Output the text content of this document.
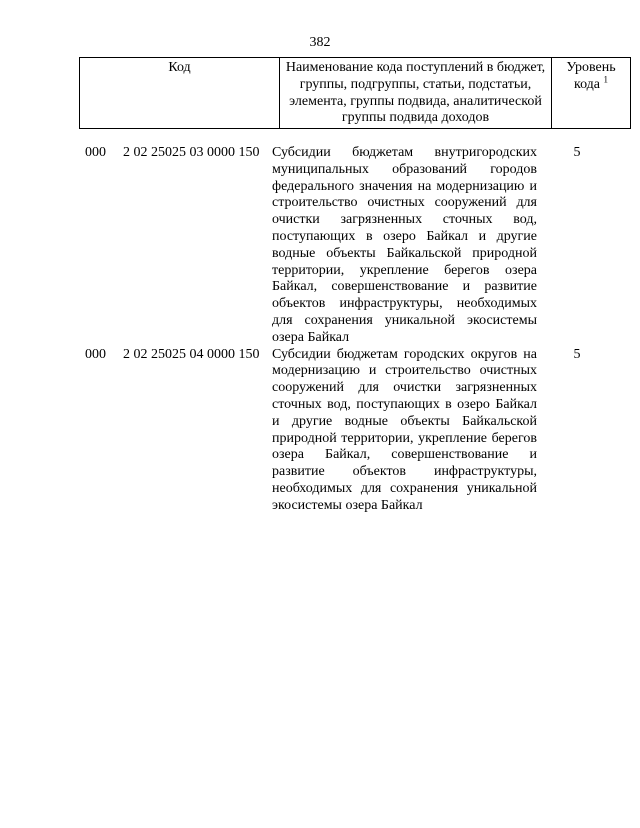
382
Код	Наименование кода поступлений в бюджет, группы, подгруппы, статьи, подстатьи, элемента, группы подвида, аналитической группы подвида доходов	Уровень кода $^1$
000 2 02 25025 03 0000 150	Субсидии бюджетам внутригородских муниципальных образований городов федерального значения на модернизацию и строительство очистных сооружений для очистки загрязненных сточных вод, поступающих в озеро Байкал и другие водные объекты Байкальской природной территории, укрепление берегов озера Байкал, совершенствование и развитие объектов инфраструктуры, необходимых для сохранения уникальной экосистемы озера Байкал	5

000 2 02 25025 04 0000 150	Субсидии бюджетам городских округов на модернизацию и строительство очистных сооружений для очистки загрязненных сточных вод, поступающих в озеро Байкал и другие водные объекты Байкальской природной территории, укрепление берегов озера Байкал, совершенствование и развитие объектов инфраструктуры, необходимых для сохранения уникальной экосистемы озера Байкал	5
